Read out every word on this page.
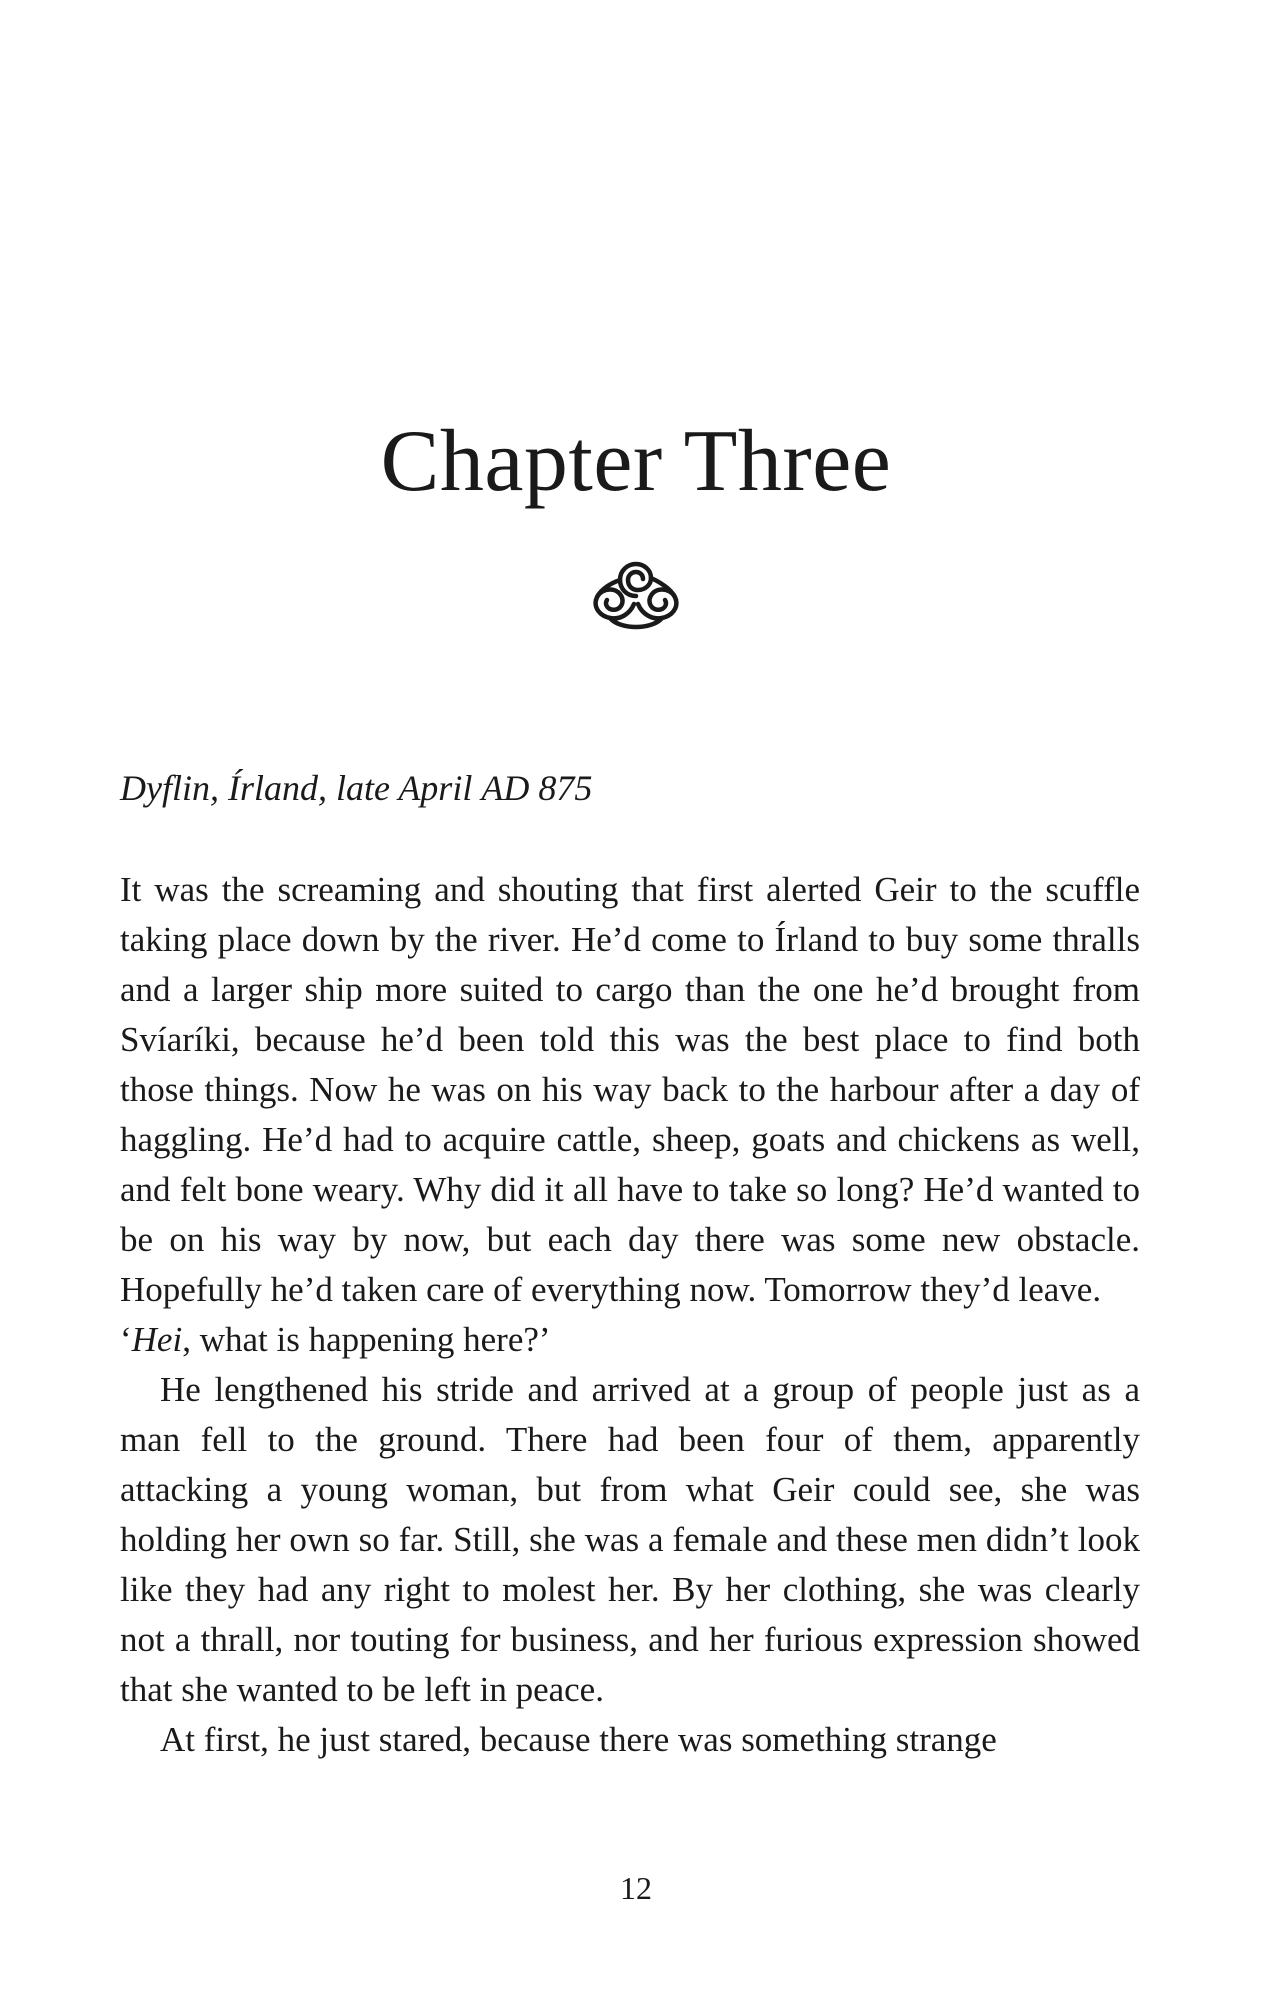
Chapter Three
Dyflin, Írland, late April AD 875

It was the screaming and shouting that first alerted Geir to the scuffle taking place down by the river. He’d come to Írland to buy some thralls and a larger ship more suited to cargo than the one he’d brought from Svíaríki, because he’d been told this was the best place to find both those things. Now he was on his way back to the harbour after a day of haggling. He’d had to acquire cattle, sheep, goats and chickens as well, and felt bone weary. Why did it all have to take so long? He’d wanted to be on his way by now, but each day there was some new obstacle. Hopefully he’d taken care of everything now. Tomorrow they’d leave.

‘Hei, what is happening here?’

He lengthened his stride and arrived at a group of people just as a man fell to the ground. There had been four of them, apparently attacking a young woman, but from what Geir could see, she was holding her own so far. Still, she was a female and these men didn’t look like they had any right to molest her. By her clothing, she was clearly not a thrall, nor touting for business, and her furious expression showed that she wanted to be left in peace.

At first, he just stared, because there was something strange

12
